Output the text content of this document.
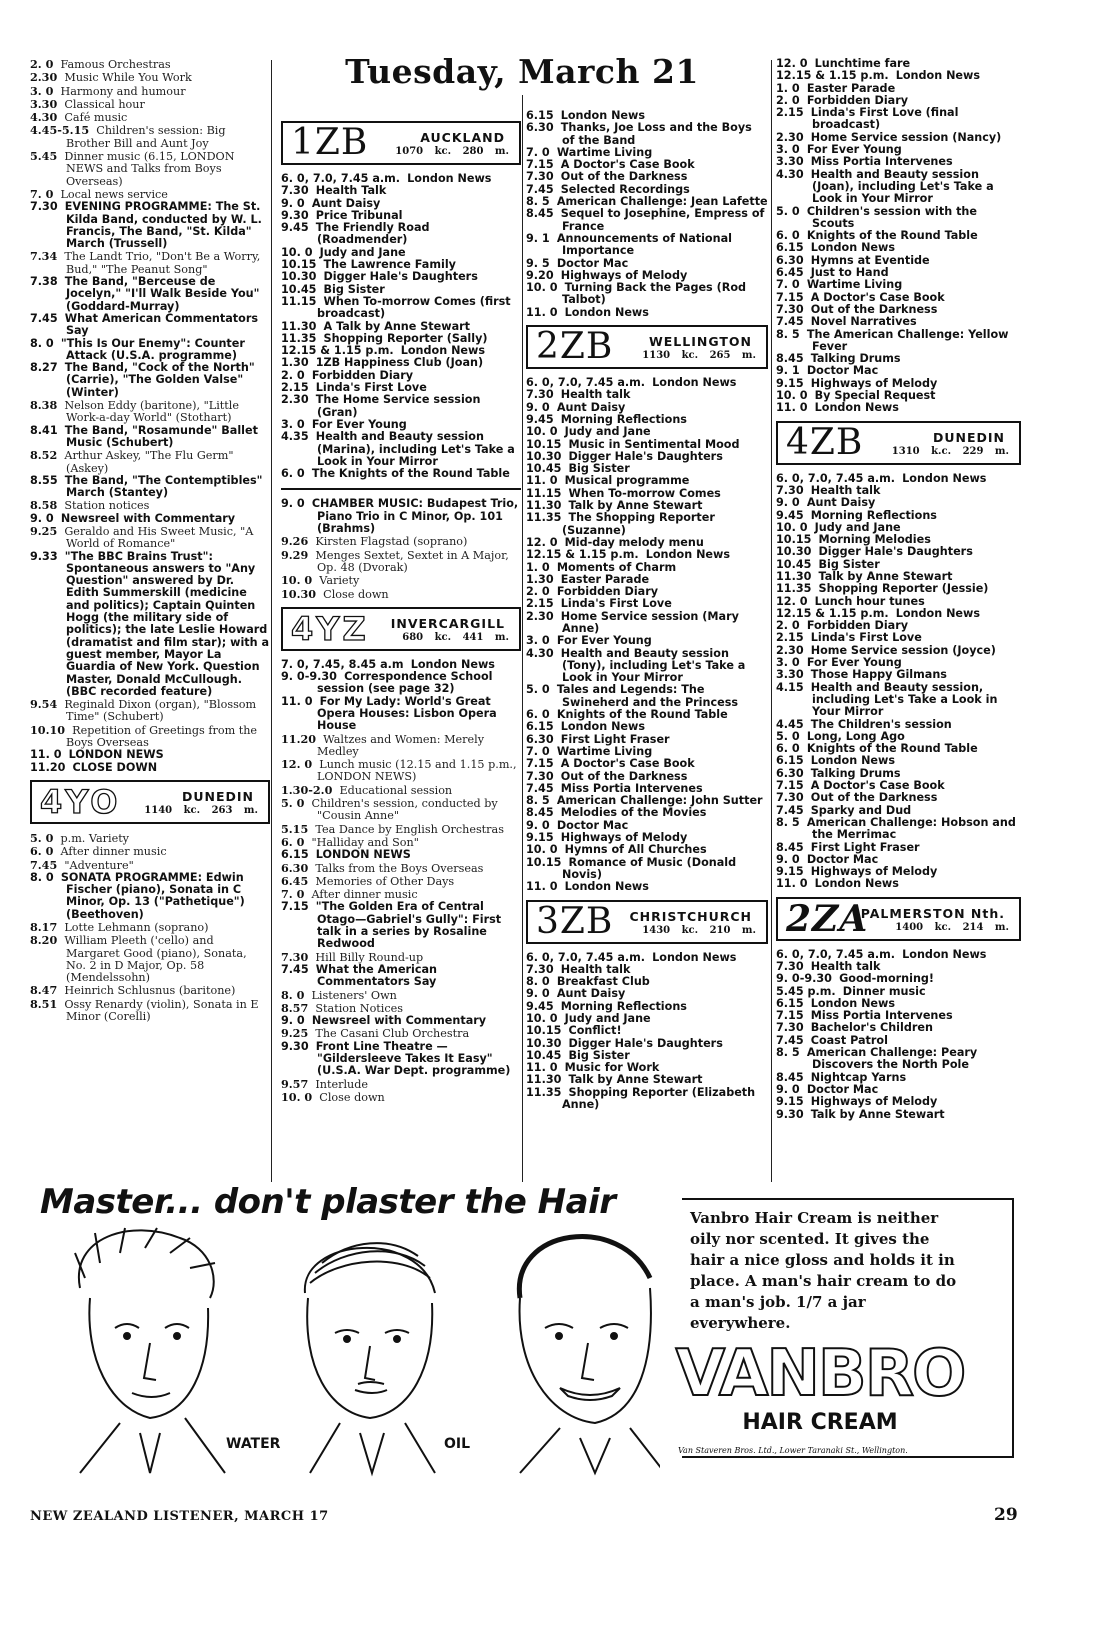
Tuesday, March 21

2. 0 Famous Orchestras

2.30 Music While You Work

3. 0 Harmony and humour

3.30 Classical hour

4.30 Café music

4.45-5.15 Children's session: Big Brother Bill and Aunt Joy

5.45 Dinner music (6.15, LONDON NEWS and Talks from Boys Overseas)

7. 0 Local news service

7.30 EVENING PROGRAMME: The St. Kilda Band, conducted by W. L. Francis, The Band, "St. Kilda" March (Trussell)

7.34 The Landt Trio, "Don't Be a Worry, Bud," "The Peanut Song"

7.38 The Band, "Berceuse de Jocelyn," "I'll Walk Beside You" (Goddard-Murray)

7.45 What American Commentators Say

8. 0 "This Is Our Enemy": Counter Attack (U.S.A. programme)

8.27 The Band, "Cock of the North" (Carrie), "The Golden Valse" (Winter)

8.38 Nelson Eddy (baritone), "Little Work-a-day World" (Stothart)

8.41 The Band, "Rosamunde" Ballet Music (Schubert)

8.52 Arthur Askey, "The Flu Germ" (Askey)

8.55 The Band, "The Contemptibles" March (Stantey)

8.58 Station notices

9. 0 Newsreel with Commentary

9.25 Geraldo and His Sweet Music, "A World of Romance"

9.33 "The BBC Brains Trust": Spontaneous answers to "Any Question" answered by Dr. Edith Summerskill (medicine and politics); Captain Quinten Hogg (the military side of politics); the late Leslie Howard (dramatist and film star); with a guest member, Mayor La Guardia of New York. Question Master, Donald McCullough. (BBC recorded feature)

9.54 Reginald Dixon (organ), "Blossom Time" (Schubert)

10.10 Repetition of Greetings from the Boys Overseas

11. 0 LONDON NEWS

11.20 CLOSE DOWN

4YO	DUNEDIN
1140 kc. 263 m.

5. 0 p.m. Variety

6. 0 After dinner music

7.45 "Adventure"

8. 0 SONATA PROGRAMME: Edwin Fischer (piano), Sonata in C Minor, Op. 13 ("Pathetique") (Beethoven)

8.17 Lotte Lehmann (soprano)

8.20 William Pleeth ('cello) and Margaret Good (piano), Sonata, No. 2 in D Major, Op. 58 (Mendelssohn)

8.47 Heinrich Schlusnus (baritone)

8.51 Ossy Renardy (violin), Sonata in E Minor (Corelli)

1ZB	AUCKLAND
1070 kc. 280 m.

6. 0, 7.0, 7.45 a.m. London News

7.30 Health Talk

9. 0 Aunt Daisy

9.30 Price Tribunal

9.45 The Friendly Road (Roadmender)

10. 0 Judy and Jane

10.15 The Lawrence Family

10.30 Digger Hale's Daughters

10.45 Big Sister

11.15 When To-morrow Comes (first broadcast)

11.30 A Talk by Anne Stewart

11.35 Shopping Reporter (Sally)

12.15 & 1.15 p.m. London News

1.30 1ZB Happiness Club (Joan)

2. 0 Forbidden Diary

2.15 Linda's First Love

2.30 The Home Service session (Gran)

3. 0 For Ever Young

4.35 Health and Beauty session (Marina), including Let's Take a Look in Your Mirror

6. 0 The Knights of the Round Table

9. 0 CHAMBER MUSIC: Budapest Trio, Piano Trio in C Minor, Op. 101 (Brahms)

9.26 Kirsten Flagstad (soprano)

9.29 Menges Sextet, Sextet in A Major, Op. 48 (Dvorak)

10. 0 Variety

10.30 Close down

4YZ INVERCARGILL
680 kc. 441 m.

7. 0, 7.45, 8.45 a.m London News

9. 0-9.30 Correspondence School session (see page 32)

11. 0 For My Lady: World's Great Opera Houses: Lisbon Opera House

11.20 Waltzes and Women: Merely Medley

12. 0 Lunch music (12.15 and 1.15 p.m., LONDON NEWS)

1.30-2.0 Educational session

5. 0 Children's session, conducted by "Cousin Anne"

5.15 Tea Dance by English Orchestras

6. 0 "Halliday and Son"

6.15 LONDON NEWS

6.30 Talks from the Boys Overseas

6.45 Memories of Other Days

7. 0 After dinner music

7.15 "The Golden Era of Central Otago—Gabriel's Gully": First talk in a series by Rosaline Redwood

7.30 Hill Billy Round-up

7.45 What the American Commentators Say

8. 0 Listeners' Own

8.57 Station Notices

9. 0 Newsreel with Commentary

9.25 The Casani Club Orchestra

9.30 Front Line Theatre — "Gildersleeve Takes It Easy" (U.S.A. War Dept. programme)

9.57 Interlude

10. 0 Close down

6.15 London News

6.30 Thanks, Joe Loss and the Boys of the Band

7. 0 Wartime Living

7.15 A Doctor's Case Book

7.30 Out of the Darkness

7.45 Selected Recordings

8. 5 American Challenge: Jean Lafette

8.45 Sequel to Josephine, Empress of France

9. 1 Announcements of National Importance

9. 5 Doctor Mac

9.20 Highways of Melody

10. 0 Turning Back the Pages (Rod Talbot)

11. 0 London News

2ZB	WELLINGTON
1130 kc. 265 m.

6. 0, 7.0, 7.45 a.m. London News

7.30 Health talk

9. 0 Aunt Daisy

9.45 Morning Reflections

10. 0 Judy and Jane

10.15 Music in Sentimental Mood

10.30 Digger Hale's Daughters

10.45 Big Sister

11. 0 Musical programme

11.15 When To-morrow Comes

11.30 Talk by Anne Stewart

11.35 The Shopping Reporter (Suzanne)

12. 0 Mid-day melody menu

12.15 & 1.15 p.m. London News

1. 0 Moments of Charm

1.30 Easter Parade

2. 0 Forbidden Diary

2.15 Linda's First Love

2.30 Home Service session (Mary Anne)

3. 0 For Ever Young

4.30 Health and Beauty session (Tony), including Let's Take a Look in Your Mirror

5. 0 Tales and Legends: The Swineherd and the Princess

6. 0 Knights of the Round Table

6.15 London News

6.30 First Light Fraser

7. 0 Wartime Living

7.15 A Doctor's Case Book

7.30 Out of the Darkness

7.45 Miss Portia Intervenes

8. 5 American Challenge: John Sutter

8.45 Melodies of the Movies

9. 0 Doctor Mac

9.15 Highways of Melody

10. 0 Hymns of All Churches

10.15 Romance of Music (Donald Novis)

11. 0 London News

3ZB CHRISTCHURCH
1430 kc. 210 m.

6. 0, 7.0, 7.45 a.m. London News

7.30 Health talk

8. 0 Breakfast Club

9. 0 Aunt Daisy

9.45 Morning Reflections

10. 0 Judy and Jane

10.15 Conflict!

10.30 Digger Hale's Daughters

10.45 Big Sister

11. 0 Music for Work

11.30 Talk by Anne Stewart

11.35 Shopping Reporter (Elizabeth Anne)

12. 0 Lunchtime fare

12.15 & 1.15 p.m. London News

1. 0 Easter Parade

2. 0 Forbidden Diary

2.15 Linda's First Love (final broadcast)

2.30 Home Service session (Nancy)

3. 0 For Ever Young

3.30 Miss Portia Intervenes

4.30 Health and Beauty session (Joan), including Let's Take a Look in Your Mirror

5. 0 Children's session with the Scouts

6. 0 Knights of the Round Table

6.15 London News

6.30 Hymns at Eventide

6.45 Just to Hand

7. 0 Wartime Living

7.15 A Doctor's Case Book

7.30 Out of the Darkness

7.45 Novel Narratives

8. 5 The American Challenge: Yellow Fever

8.45 Talking Drums

9. 1 Doctor Mac

9.15 Highways of Melody

10. 0 By Special Request

11. 0 London News

4ZB	DUNEDIN
1310 k.c. 229 m.

6. 0, 7.0, 7.45 a.m. London News

7.30 Health talk

9. 0 Aunt Daisy

9.45 Morning Reflections

10. 0 Judy and Jane

10.15 Morning Melodies

10.30 Digger Hale's Daughters

10.45 Big Sister

11.30 Talk by Anne Stewart

11.35 Shopping Reporter (Jessie)

12. 0 Lunch hour tunes

12.15 & 1.15 p.m. London News

2. 0 Forbidden Diary

2.15 Linda's First Love

2.30 Home Service session (Joyce)

3. 0 For Ever Young

3.30 Those Happy Gilmans

4.15 Health and Beauty session, including Let's Take a Look in Your Mirror

4.45 The Children's session

5. 0 Long, Long Ago

6. 0 Knights of the Round Table

6.15 London News

6.30 Talking Drums

7.15 A Doctor's Case Book

7.30 Out of the Darkness

7.45 Sparky and Dud

8. 5 American Challenge: Hobson and the Merrimac

8.45 First Light Fraser

9. 0 Doctor Mac

9.15 Highways of Melody

11. 0 London News

2ZA
PALMERSTON Nth.
1400 kc. 214 m.

6. 0, 7.0, 7.45 a.m. London News

7.30 Health talk

9. 0-9.30 Good-morning!

5.45 p.m. Dinner music

6.15 London News

7.15 Miss Portia Intervenes

7.30 Bachelor's Children

7.45 Coast Patrol

8. 5 American Challenge: Peary Discovers the North Pole

8.45 Nightcap Yarns

9. 0 Doctor Mac

9.15 Highways of Melody

9.30 Talk by Anne Stewart

Master... don't plaster the Hair
WATER	OIL
Vanbro Hair Cream is neither oily nor scented. It gives the hair a nice gloss and holds it in place. A man's hair cream to do a man's job. 1/7 a jar everywhere.
VANBRO
HAIR CREAM
Van Staveren Bros. Ltd., Lower Taranaki St., Wellington.
NEW ZEALAND LISTENER, MARCH 17	29
